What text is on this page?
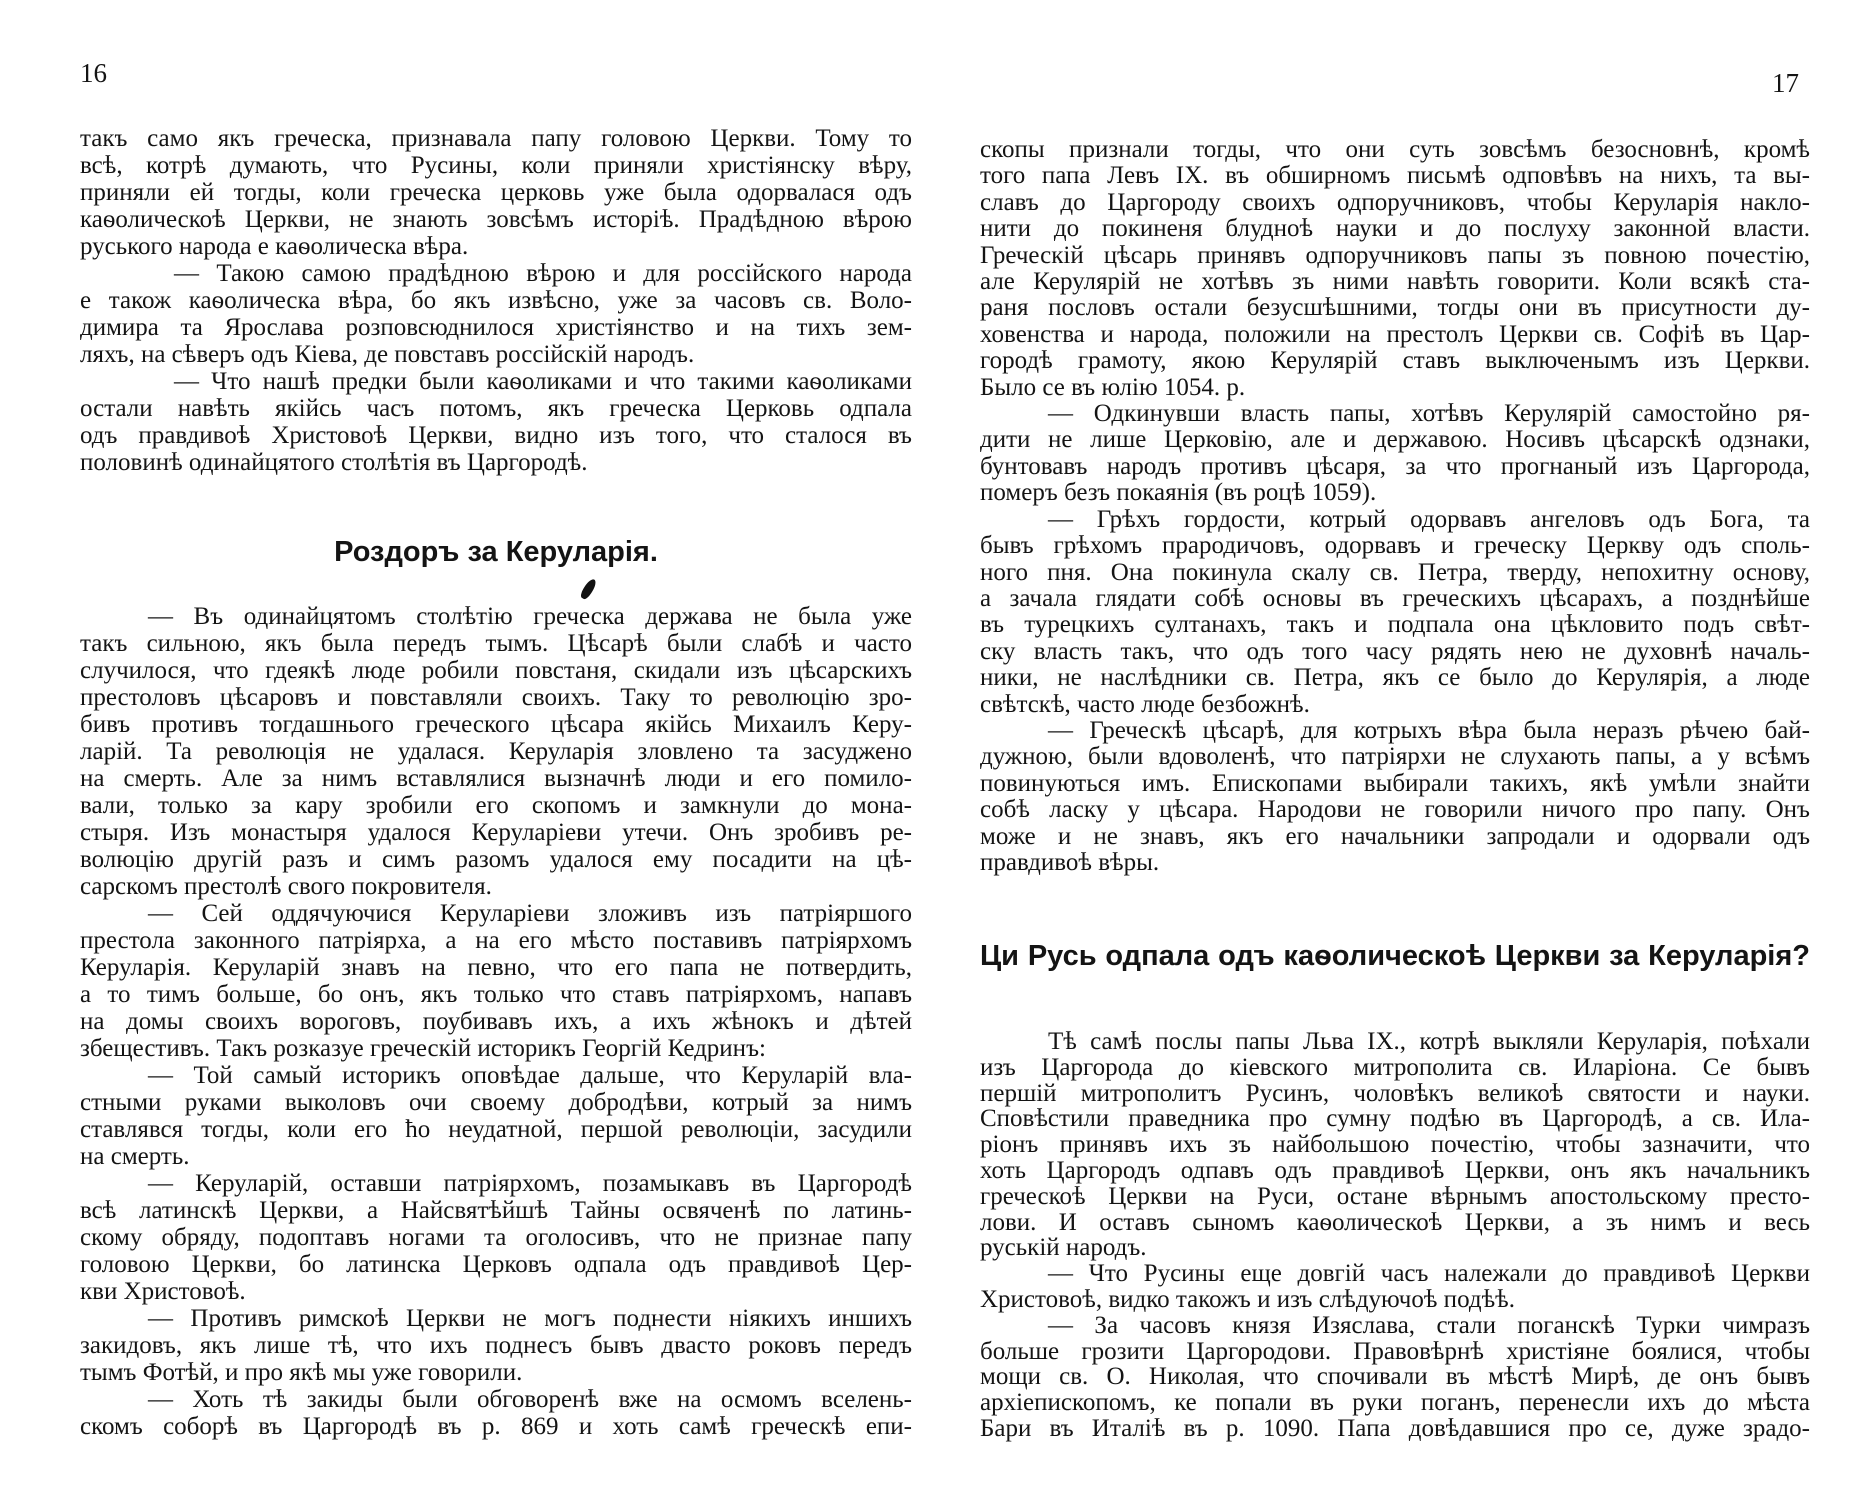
16
такъ само якъ греческа, признавала папу головою Церкви. Тому то
всѣ, котрѣ думають, что Русины, коли приняли христiянску вѣру,
приняли ей тогды, коли греческа церковь уже была одорвалася одъ
каѳолическоѣ Церкви, не знають зовсѣмъ исторiѣ. Прадѣдною вѣрою
руського народа е каѳолическа вѣра.
— Такою самою прадѣдною вѣрою и для россiйского народа
е також каѳолическа вѣра, бо якъ извѣсно, уже за часовъ св. Воло-
димира та Ярослава розповсюднилося христiянство и на тихъ зем-
ляхъ, на сѣверъ одъ Кiева, де повставъ россiйскiй народъ.
— Что нашѣ предки были каѳоликами и что такими каѳоликами
остали навѣть якiйсь часъ потомъ, якъ греческа Церковь одпала
одъ правдивоѣ Христовоѣ Церкви, видно изъ того, что сталося въ
половинѣ одинайцятого столѣтiя въ Царгородѣ.
Роздоръ за Керуларiя.
— Въ одинайцятомъ столѣтiю греческа держава не была уже
такъ сильною, якъ была передъ тымъ. Цѣсарѣ были слабѣ и часто
случилося, что гдеякѣ люде робили повстаня, скидали изъ цѣсарскихъ
престоловъ цѣсаровъ и повставляли своихъ. Таку то революцiю зро-
бивъ противъ тогдашнього греческого цѣсара якiйсь Михаилъ Керу-
ларiй. Та революцiя не удалася. Керуларiя зловлено та засуджено
на смерть. Але за нимъ вставлялися вызначнѣ люди и его помило-
вали, только за кару зробили его скопомъ и замкнули до мона-
стыря. Изъ монастыря удалося Керуларiеви утечи. Онъ зробивъ ре-
волюцiю другiй разъ и симъ разомъ удалося ему посадити на цѣ-
сарскомъ престолѣ свого покровителя.
— Сей оддячуючися Керуларiеви зложивъ изъ патрiяршого
престола законного патрiярха, а на его мѣсто поставивъ патрiярхомъ
Керуларiя. Керуларiй знавъ на певно, что его папа не потвердить,
а то тимъ больше, бо онъ, якъ только что ставъ патрiярхомъ, напавъ
на домы своихъ вороговъ, поубивавъ ихъ, а ихъ жѣнокъ и дѣтей
збещестивъ. Такъ розказуе греческiй историкъ Георгiй Кедринъ:
— Той самый историкъ оповѣдае дальше, что Керуларiй вла-
стными руками выколовъ очи своему добродѣви, котрый за нимъ
ставлявся тогды, коли его ћо неудатной, першой революцiи, засудили
на смерть.
— Керуларiй, оставши патрiярхомъ, позамыкавъ въ Царгородѣ
всѣ латинскѣ Церкви, а Найсвятѣйшѣ Тайны освяченѣ по латинь-
скому обряду, подоптавъ ногами та оголосивъ, что не признае папу
головою Церкви, бо латинска Церковъ одпала одъ правдивоѣ Цер-
кви Христовоѣ.
— Противъ римскоѣ Церкви не могъ поднести нiякихъ иншихъ
закидовъ, якъ лише тѣ, что ихъ поднесъ бывъ двасто роковъ передъ
тымъ Фотѣй, и про якѣ мы уже говорили.
— Хоть тѣ закиды были обговоренѣ вже на осмомъ вселень-
скомъ соборѣ въ Царгородѣ въ р. 869 и хоть самѣ греческѣ епи-
17
скопы признали тогды, что они суть зовсѣмъ безосновнѣ, кромѣ
того папа Левъ IX. въ обширномъ письмѣ одповѣвъ на нихъ, та вы-
славъ до Царгороду своихъ одпоручниковъ, чтобы Керуларiя накло-
нити до покиненя блудноѣ науки и до послуху законной власти.
Греческiй цѣсарь принявъ одпоручниковъ папы зъ повною почестiю,
але Керулярiй не хотѣвъ зъ ними навѣть говорити. Коли всякѣ ста-
раня пословъ остали безусшѣшними, тогды они въ присутности ду-
ховенства и народа, положили на престолъ Церкви св. Софiѣ въ Цар-
городѣ грамоту, якою Керулярiй ставъ выключенымъ изъ Церкви.
Было се въ юлiю 1054. р.
— Одкинувши власть папы, хотѣвъ Керулярiй самостойно ря-
дити не лише Церковiю, але и державою. Носивъ цѣсарскѣ одзнаки,
бунтовавъ народъ противъ цѣсаря, за что прогнаный изъ Царгорода,
померъ безъ покаянiя (въ роцѣ 1059).
— Грѣхъ гордости, котрый одорвавъ ангеловъ одъ Бога, та
бывъ грѣхомъ прародичовъ, одорвавъ и греческу Церкву одъ споль-
ного пня. Она покинула скалу св. Петра, тверду, непохитну основу,
а зачала глядати собѣ основы въ греческихъ цѣсарахъ, а позднѣйше
въ турецкихъ султанахъ, такъ и подпала она цѣкловито подъ свѣт-
ску власть такъ, что одъ того часу рядять нею не духовнѣ началь-
ники, не наслѣдники св. Петра, якъ се было до Керулярiя, а люде
свѣтскѣ, часто люде безбожнѣ.
— Греческѣ цѣсарѣ, для котрыхъ вѣра была неразъ рѣчею бай-
дужною, были вдоволенѣ, что патрiярхи не слухають папы, а у всѣмъ
повинуються имъ. Епископами выбирали такихъ, якѣ умѣли знайти
собѣ ласку у цѣсара. Народови не говорили ничого про папу. Онъ
може и не знавъ, якъ его начальники запродали и одорвали одъ
правдивоѣ вѣры.
Ци Русь одпала одъ каѳолическоѣ Церкви за Керуларiя?
Тѣ самѣ послы папы Льва IX., котрѣ выкляли Керуларiя, поѣхали
изъ Царгорода до кiевского митрополита св. Иларiона. Се бывъ
першiй митрополитъ Русинъ, чоловѣкъ великоѣ святости и науки.
Сповѣстили праведника про сумну подѣю въ Царгородѣ, а св. Ила-
рiонъ принявъ ихъ зъ найбольшою почестiю, чтобы зазначити, что
хоть Царгородъ одпавъ одъ правдивоѣ Церкви, онъ якъ начальникъ
греческоѣ Церкви на Руси, останe вѣрнымъ апостольскому престо-
лови. И оставъ сыномъ каѳолическоѣ Церкви, а зъ нимъ и весь
руськiй народъ.
— Что Русины еще довгiй часъ належали до правдивоѣ Церкви
Христовоѣ, видко такожъ и изъ слѣдуючоѣ подѣѣ.
— За часовъ князя Изяслава, стали поганскѣ Турки чимразъ
больше грозити Царгородови. Правовѣрнѣ христiяне боялися, чтобы
мощи св. О. Николая, что спочивали въ мѣстѣ Мирѣ, де онъ бывъ
архiепископомъ, ке попали въ руки поганъ, перенесли ихъ до мѣста
Бари въ Италiѣ въ р. 1090. Папа довѣдавшися про се, дуже зрадо-
